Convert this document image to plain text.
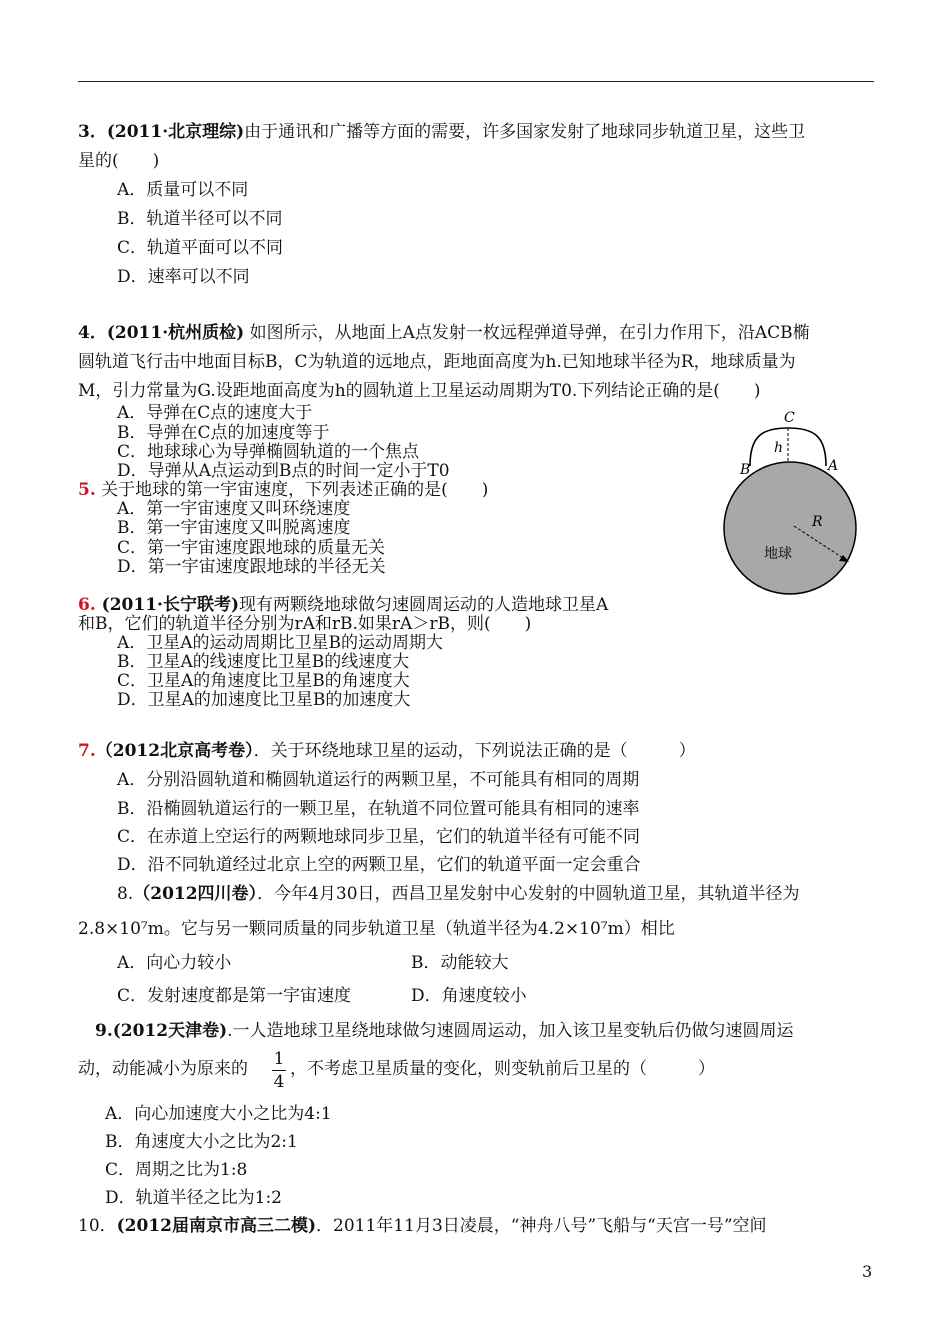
3．(2011·北京理综)由于通讯和广播等方面的需要，许多国家发射了地球同步轨道卫星，这些卫
星的(　　)
A．质量可以不同
B．轨道半径可以不同
C．轨道平面可以不同
D．速率可以不同
4．(2011·杭州质检) 如图所示，从地面上A点发射一枚远程弹道导弹，在引力作用下，沿ACB椭
圆轨道飞行击中地面目标B，C为轨道的远地点，距地面高度为h.已知地球半径为R，地球质量为
M，引力常量为G.设距地面高度为h的圆轨道上卫星运动周期为T0.下列结论正确的是(　　)
A．导弹在C点的速度大于
B．导弹在C点的加速度等于
C．地球球心为导弹椭圆轨道的一个焦点
D．导弹从A点运动到B点的时间一定小于T0
5. 关于地球的第一宇宙速度，下列表述正确的是(　　)
A．第一宇宙速度又叫环绕速度
B．第一宇宙速度又叫脱离速度
C．第一宇宙速度跟地球的质量无关
D．第一宇宙速度跟地球的半径无关
6. (2011·长宁联考)现有两颗绕地球做匀速圆周运动的人造地球卫星A
和B，它们的轨道半径分别为rA和rB.如果rA＞rB，则(　　)
A．卫星A的运动周期比卫星B的运动周期大
B．卫星A的线速度比卫星B的线速度大
C．卫星A的角速度比卫星B的角速度大
D．卫星A的加速度比卫星B的加速度大
7.（2012北京高考卷）．关于环绕地球卫星的运动，下列说法正确的是（　　　）
A．分别沿圆轨道和椭圆轨道运行的两颗卫星，不可能具有相同的周期
B．沿椭圆轨道运行的一颗卫星，在轨道不同位置可能具有相同的速率
C．在赤道上空运行的两颗地球同步卫星，它们的轨道半径有可能不同
D．沿不同轨道经过北京上空的两颗卫星，它们的轨道平面一定会重合
8.（2012四川卷）．今年4月30日，西昌卫星发射中心发射的中圆轨道卫星，其轨道半径为
2.8×10⁷m。它与另一颗同质量的同步轨道卫星（轨道半径为4.2×10⁷m）相比
A．向心力较小	B．动能较大
C．发射速度都是第一宇宙速度	D．角速度较小
9.(2012天津卷).一人造地球卫星绕地球做匀速圆周运动，加入该卫星变轨后仍做匀速圆周运
动，动能减小为原来的 1
4
，不考虑卫星质量的变化，则变轨前后卫星的（　　　）
A．向心加速度大小之比为4:1
B．角速度大小之比为2:1
C．周期之比为1:8
D．轨道半径之比为1:2
10．(2012届南京市高三二模)．2011年11月3日凌晨，“神舟八号”飞船与“天宫一号”空间
3
C
h
B	A
R
地球
